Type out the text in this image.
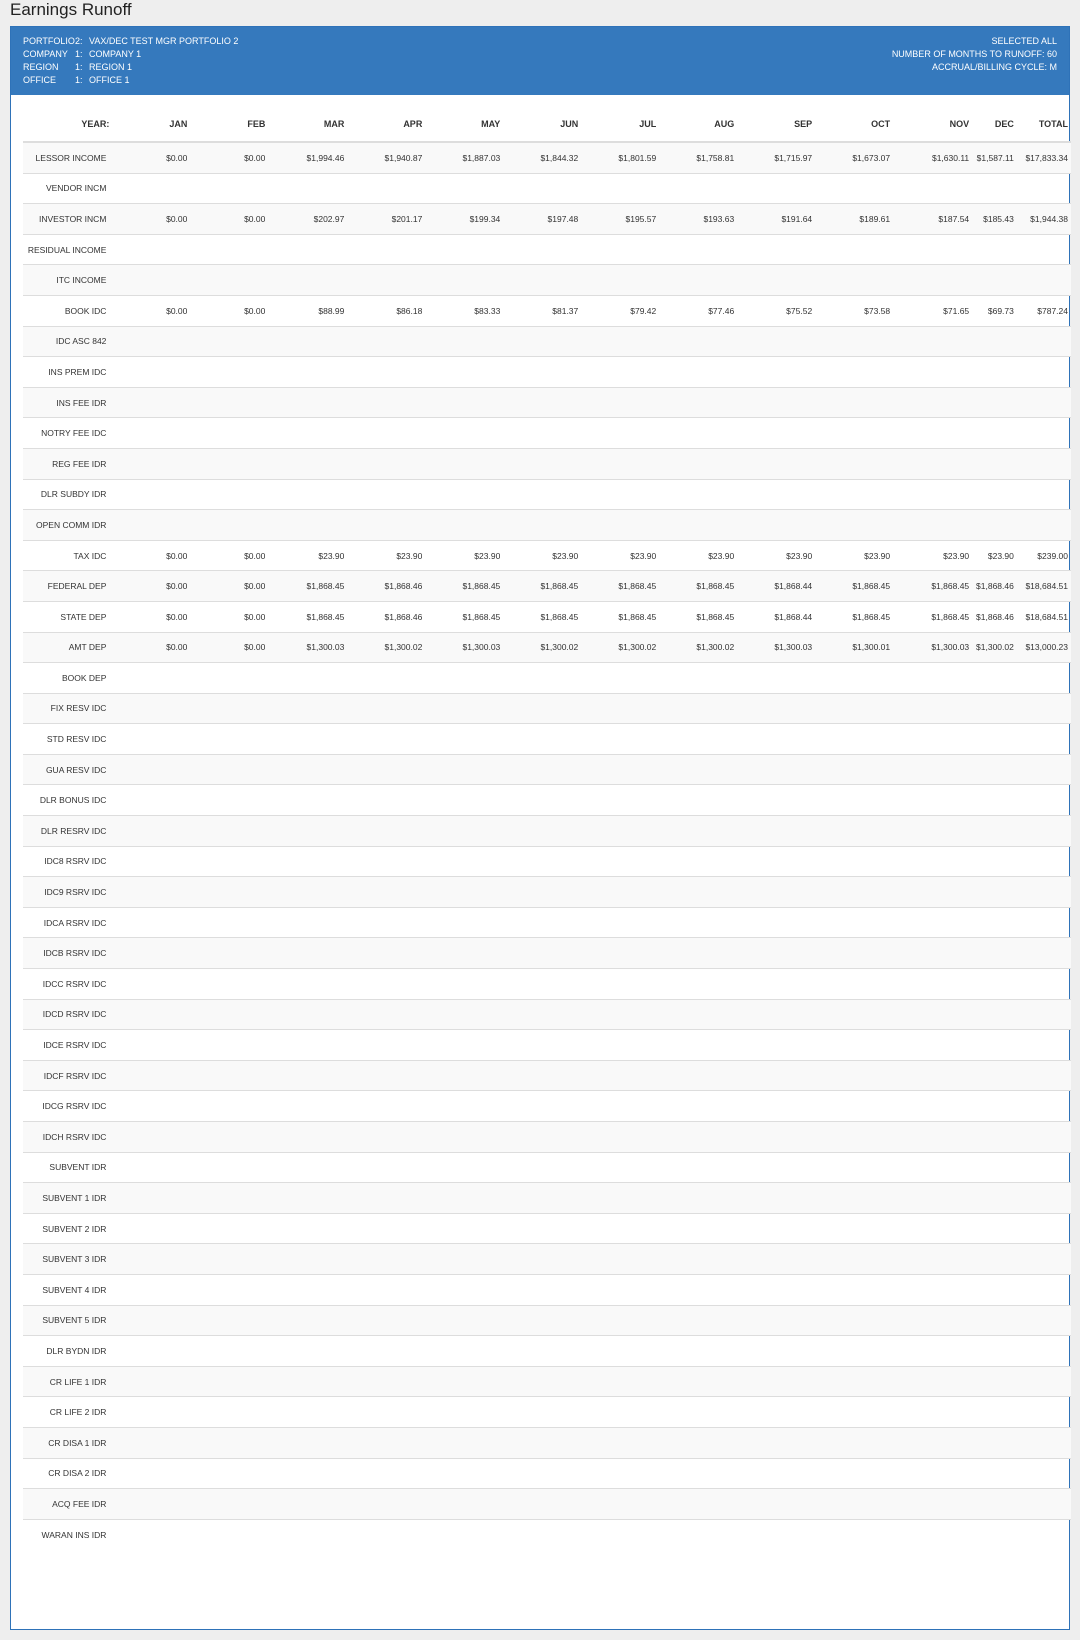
Earnings Runoff
PORTFOLIO2: VAX/DEC TEST MGR PORTFOLIO 2
COMPANY 1: COMPANY 1
REGION 1: REGION 1
OFFICE 1: OFFICE 1
SELECTED ALL
NUMBER OF MONTHS TO RUNOFF: 60
ACCRUAL/BILLING CYCLE: M
YEAR:	JAN	FEB	MAR	APR	MAY	JUN	JUL	AUG	SEP	OCT	NOV	DEC	TOTAL
LESSOR INCOME	$0.00	$0.00	$1,994.46	$1,940.87	$1,887.03	$1,844.32	$1,801.59	$1,758.81	$1,715.97	$1,673.07	$1,630.11	$1,587.11	$17,833.34
VENDOR INCM													
INVESTOR INCM	$0.00	$0.00	$202.97	$201.17	$199.34	$197.48	$195.57	$193.63	$191.64	$189.61	$187.54	$185.43	$1,944.38
RESIDUAL INCOME													
ITC INCOME													
BOOK IDC	$0.00	$0.00	$88.99	$86.18	$83.33	$81.37	$79.42	$77.46	$75.52	$73.58	$71.65	$69.73	$787.24
IDC ASC 842													
INS PREM IDC													
INS FEE IDR													
NOTRY FEE IDC													
REG FEE IDR													
DLR SUBDY IDR													
OPEN COMM IDR													
TAX IDC	$0.00	$0.00	$23.90	$23.90	$23.90	$23.90	$23.90	$23.90	$23.90	$23.90	$23.90	$23.90	$239.00
FEDERAL DEP	$0.00	$0.00	$1,868.45	$1,868.46	$1,868.45	$1,868.45	$1,868.45	$1,868.45	$1,868.44	$1,868.45	$1,868.45	$1,868.46	$18,684.51
STATE DEP	$0.00	$0.00	$1,868.45	$1,868.46	$1,868.45	$1,868.45	$1,868.45	$1,868.45	$1,868.44	$1,868.45	$1,868.45	$1,868.46	$18,684.51
AMT DEP	$0.00	$0.00	$1,300.03	$1,300.02	$1,300.03	$1,300.02	$1,300.02	$1,300.02	$1,300.03	$1,300.01	$1,300.03	$1,300.02	$13,000.23
BOOK DEP													
FIX RESV IDC													
STD RESV IDC													
GUA RESV IDC													
DLR BONUS IDC													
DLR RESRV IDC													
IDC8 RSRV IDC													
IDC9 RSRV IDC													
IDCA RSRV IDC													
IDCB RSRV IDC													
IDCC RSRV IDC													
IDCD RSRV IDC													
IDCE RSRV IDC													
IDCF RSRV IDC													
IDCG RSRV IDC													
IDCH RSRV IDC													
SUBVENT IDR													
SUBVENT 1 IDR													
SUBVENT 2 IDR													
SUBVENT 3 IDR													
SUBVENT 4 IDR													
SUBVENT 5 IDR													
DLR BYDN IDR													
CR LIFE 1 IDR													
CR LIFE 2 IDR													
CR DISA 1 IDR													
CR DISA 2 IDR													
ACQ FEE IDR													
WARAN INS IDR													
